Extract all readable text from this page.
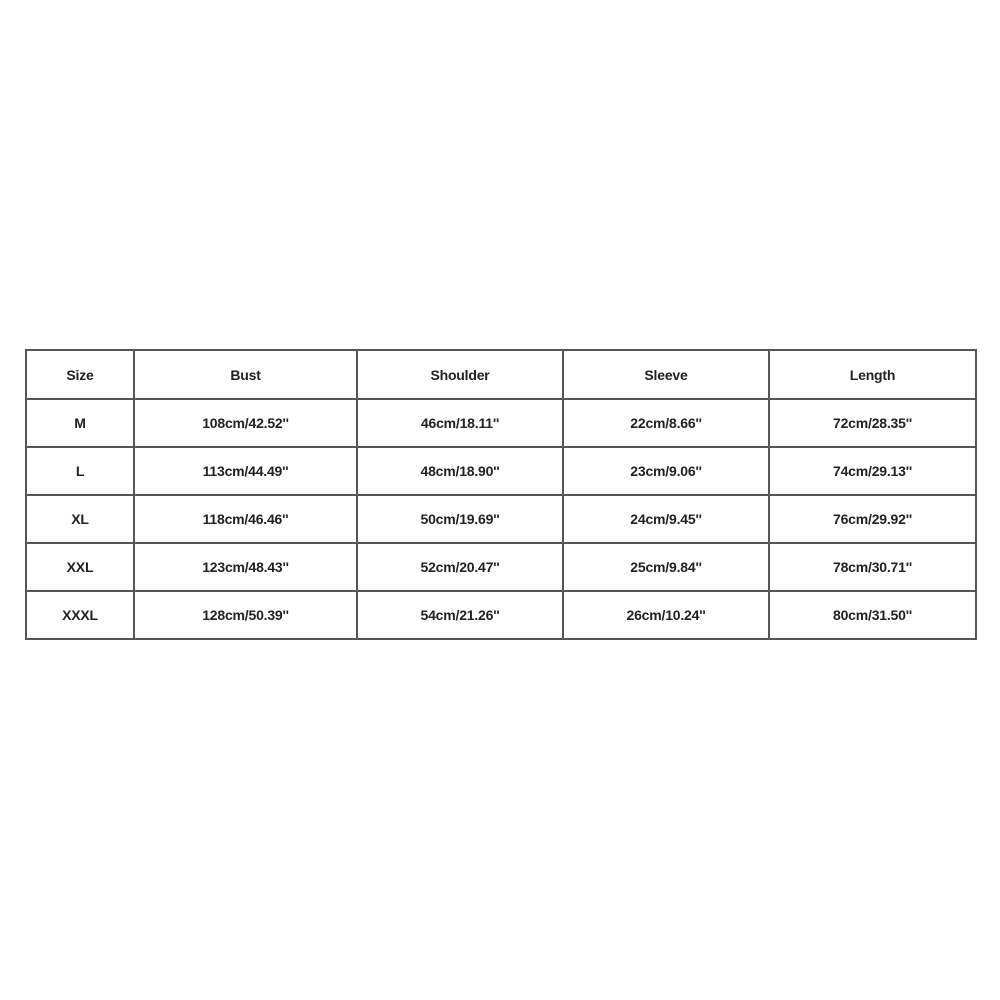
Size	Bust	Shoulder	Sleeve	Length
M	108cm/42.52''	46cm/18.11''	22cm/8.66''	72cm/28.35''
L	113cm/44.49''	48cm/18.90''	23cm/9.06''	74cm/29.13''
XL	118cm/46.46''	50cm/19.69''	24cm/9.45''	76cm/29.92''
XXL	123cm/48.43''	52cm/20.47''	25cm/9.84''	78cm/30.71''
XXXL	128cm/50.39''	54cm/21.26''	26cm/10.24''	80cm/31.50''
